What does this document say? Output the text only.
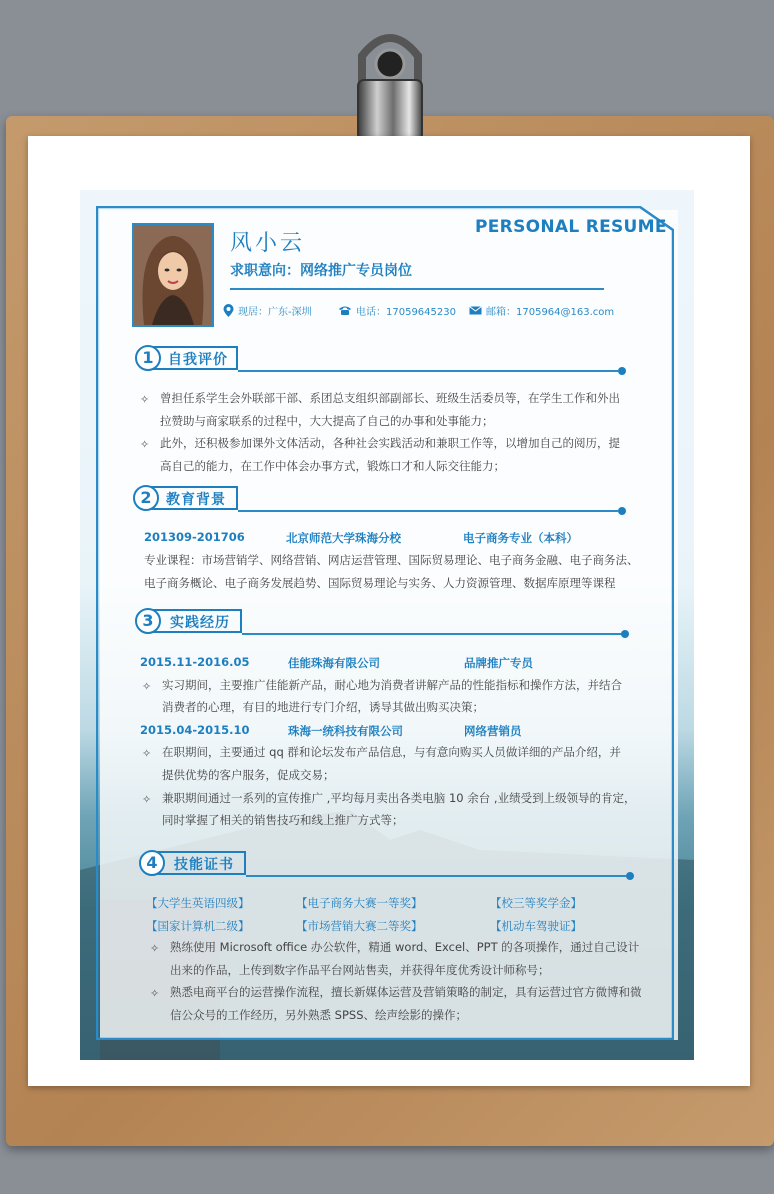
风小云
求职意向：网络推广专员岗位
PERSONAL RESUME
现居：广东-深圳	电话：17059645230	邮箱：1705964@163.com
1	自我评价
✧ 曾担任系学生会外联部干部、系团总支组织部副部长、班级生活委员等，在学生工作和外出
拉赞助与商家联系的过程中，大大提高了自己的办事和处事能力；
✧ 此外，还积极参加课外文体活动，各种社会实践活动和兼职工作等，以增加自己的阅历，提
高自己的能力，在工作中体会办事方式，锻炼口才和人际交往能力；
2	教育背景
201309-201706	北京师范大学珠海分校	电子商务专业（本科）
专业课程：市场营销学、网络营销、网店运营管理、国际贸易理论、电子商务金融、电子商务法、
电子商务概论、电子商务发展趋势、国际贸易理论与实务、人力资源管理、数据库原理等课程
3	实践经历
2015.11-2016.05	佳能珠海有限公司	品牌推广专员
✧ 实习期间，主要推广佳能新产品，耐心地为消费者讲解产品的性能指标和操作方法，并结合
消费者的心理，有目的地进行专门介绍，诱导其做出购买决策；
2015.04-2015.10	珠海一统科技有限公司	网络营销员
✧ 在职期间，主要通过 qq 群和论坛发布产品信息，与有意向购买人员做详细的产品介绍，并
提供优势的客户服务，促成交易；
✧ 兼职期间通过一系列的宣传推广 ,平均每月卖出各类电脑 10 余台 ,业绩受到上级领导的肯定，
同时掌握了相关的销售技巧和线上推广方式等；
4	技能证书
【大学生英语四级】	【电子商务大赛一等奖】	【校三等奖学金】
【国家计算机二级】	【市场营销大赛二等奖】	【机动车驾驶证】
✧ 熟练使用 Microsoft office 办公软件，精通 word、Excel、PPT 的各项操作，通过自己设计
出来的作品，上传到数字作品平台网站售卖，并获得年度优秀设计师称号；
✧ 熟悉电商平台的运营操作流程，擅长新媒体运营及营销策略的制定，具有运营过官方微博和微
信公众号的工作经历，另外熟悉 SPSS、绘声绘影的操作；
